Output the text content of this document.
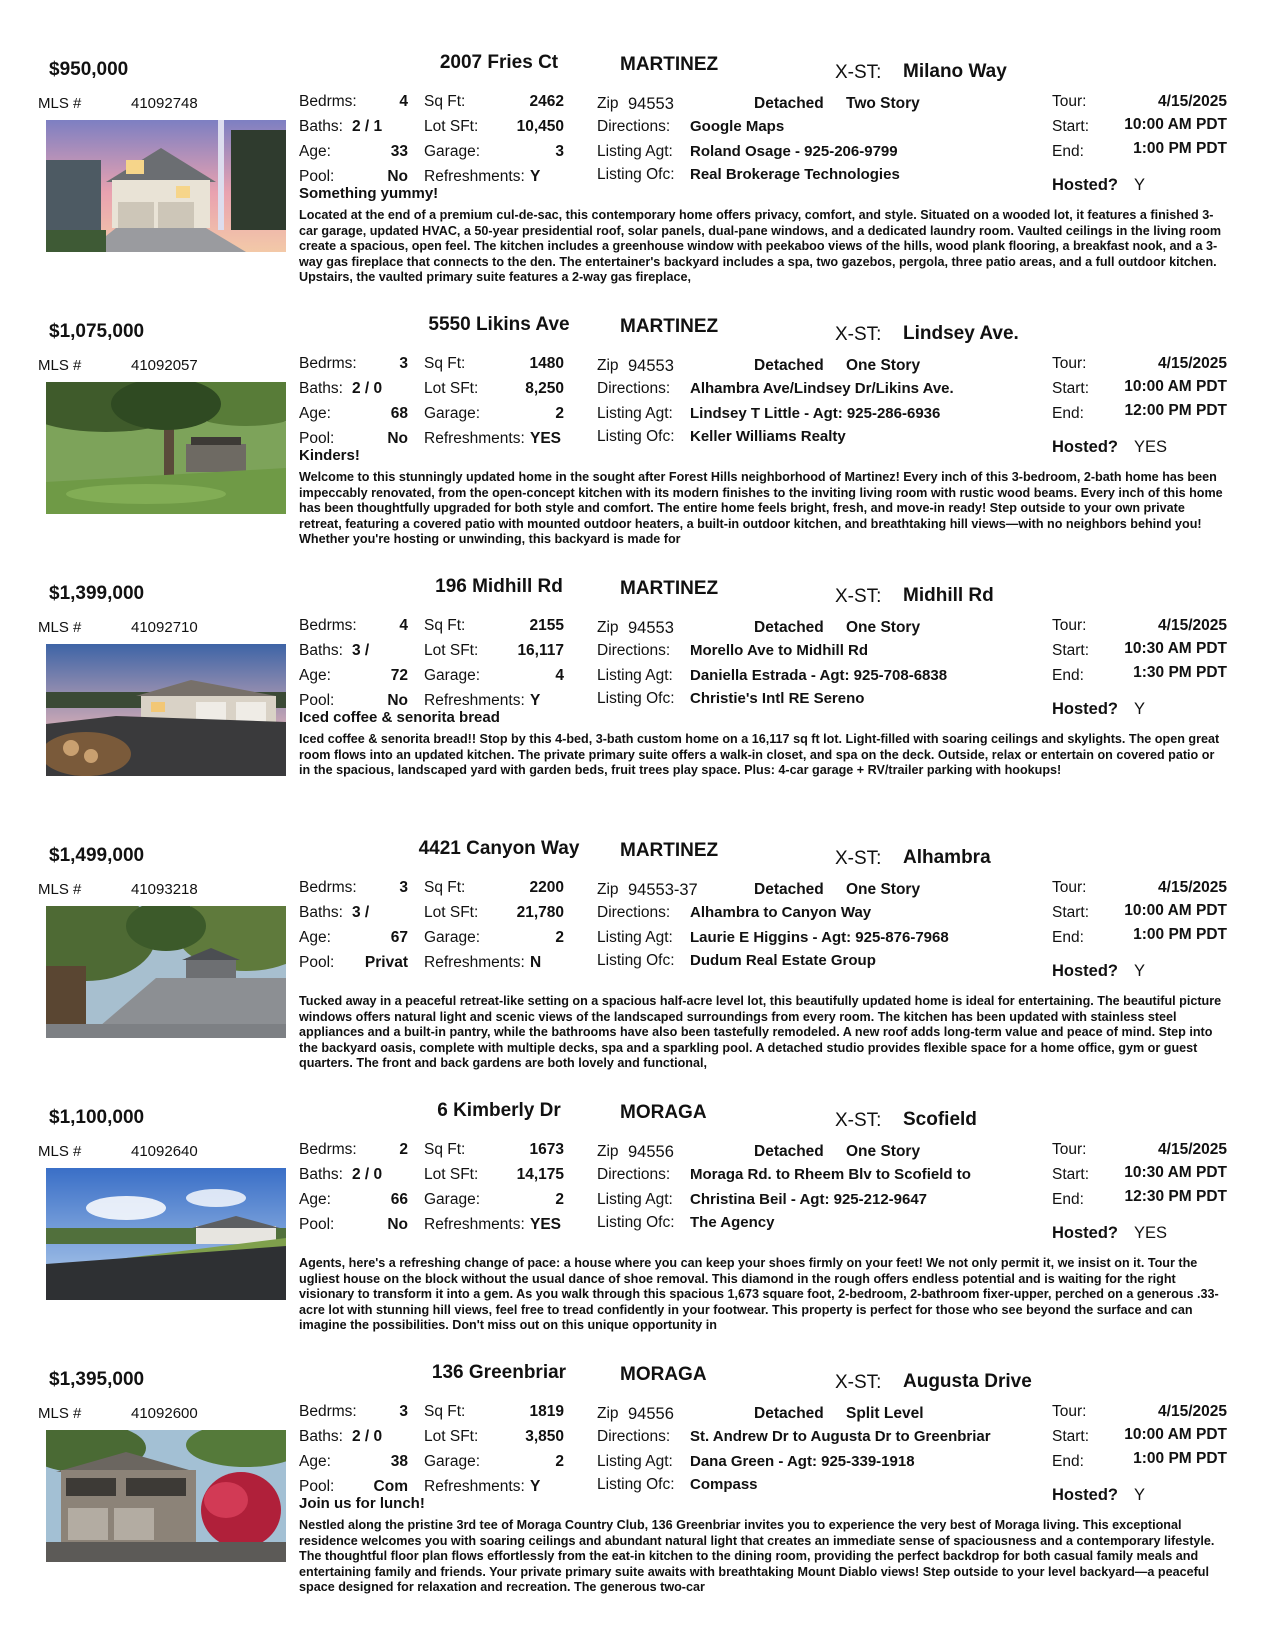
$950,000	2007 Fries Ct	MARTINEZ	X-ST: Milano Way
MLS #	41092748	Bedrms:	4
Baths: 2 / 1
Age:	33
Pool:	No
Sq Ft:	2462
Lot SFt:	10,450
Garage:	3
Refreshments: Y
Zip 94553	Detached Two Story
Directions: Google Maps
Listing Agt: Roland Osage - 925-206-9799
Listing Ofc: Real Brokerage Technologies
Tour:	4/15/2025
Start:	10:00 AM PDT
End:	1:00 PM PDT
Hosted? Y
Something yummy!
Located at the end of a premium cul-de-sac, this contemporary home offers privacy, comfort, and style. Situated on a wooded lot, it features a finished 3-car garage, updated HVAC, a 50-year presidential roof, solar panels, dual-pane windows, and a dedicated laundry room. Vaulted ceilings in the living room create a spacious, open feel. The kitchen includes a greenhouse window with peekaboo views of the hills, wood plank flooring, a breakfast nook, and a 3-way gas fireplace that connects to the den. The entertainer's backyard includes a spa, two gazebos, pergola, three patio areas, and a full outdoor kitchen. Upstairs, the vaulted primary suite features a 2-way gas fireplace,
$1,075,000	5550 Likins Ave	MARTINEZ	X-ST: Lindsey Ave.
MLS #	41092057	Bedrms:	3
Baths: 2 / 0
Age:	68
Pool:	No
Sq Ft:	1480
Lot SFt:	8,250
Garage:	2
Refreshments: YES
Zip 94553	Detached One Story
Directions: Alhambra Ave/Lindsey Dr/Likins Ave.
Listing Agt: Lindsey T Little - Agt: 925-286-6936
Listing Ofc: Keller Williams Realty
Tour:	4/15/2025
Start:	10:00 AM PDT
End:	12:00 PM PDT
Hosted? YES
Kinders!
Welcome to this stunningly updated home in the sought after Forest Hills neighborhood of Martinez! Every inch of this 3-bedroom, 2-bath home has been impeccably renovated, from the open-concept kitchen with its modern finishes to the inviting living room with rustic wood beams. Every inch of this home has been thoughtfully upgraded for both style and comfort. The entire home feels bright, fresh, and move-in ready! Step outside to your own private retreat, featuring a covered patio with mounted outdoor heaters, a built-in outdoor kitchen, and breathtaking hill views—with no neighbors behind you! Whether you're hosting or unwinding, this backyard is made for
$1,399,000	196 Midhill Rd	MARTINEZ	X-ST: Midhill Rd
MLS #	41092710	Bedrms:	4
Baths: 3 /
Age:	72
Pool:	No
Sq Ft:	2155
Lot SFt:	16,117
Garage:	4
Refreshments: Y
Zip 94553	Detached One Story
Directions: Morello Ave to Midhill Rd
Listing Agt: Daniella Estrada - Agt: 925-708-6838
Listing Ofc: Christie's Intl RE Sereno
Tour:	4/15/2025
Start:	10:30 AM PDT
End:	1:30 PM PDT
Hosted? Y
Iced coffee & senorita bread
Iced coffee & senorita bread!! Stop by this 4-bed, 3-bath custom home on a 16,117 sq ft lot. Light-filled with soaring ceilings and skylights. The open great room flows into an updated kitchen. The private primary suite offers a walk-in closet, and spa on the deck. Outside, relax or entertain on covered patio or in the spacious, landscaped yard with garden beds, fruit trees play space. Plus: 4-car garage + RV/trailer parking with hookups!
$1,499,000	4421 Canyon Way	MARTINEZ	X-ST: Alhambra
MLS #	41093218	Bedrms:	3
Baths: 3 /
Age:	67
Pool:	Privat
Sq Ft:	2200
Lot SFt:	21,780
Garage:	2
Refreshments: N
Zip 94553-37	Detached One Story
Directions: Alhambra to Canyon Way
Listing Agt: Laurie E Higgins - Agt: 925-876-7968
Listing Ofc: Dudum Real Estate Group
Tour:	4/15/2025
Start:	10:00 AM PDT
End:	1:00 PM PDT
Hosted? Y
Tucked away in a peaceful retreat-like setting on a spacious half-acre level lot, this beautifully updated home is ideal for entertaining. The beautiful picture windows offers natural light and scenic views of the landscaped surroundings from every room. The kitchen has been updated with stainless steel appliances and a built-in pantry, while the bathrooms have also been tastefully remodeled. A new roof adds long-term value and peace of mind. Step into the backyard oasis, complete with multiple decks, spa and a sparkling pool. A detached studio provides flexible space for a home office, gym or guest quarters. The front and back gardens are both lovely and functional,
$1,100,000	6 Kimberly Dr	MORAGA	X-ST: Scofield
MLS #	41092640	Bedrms:	2
Baths: 2 / 0
Age:	66
Pool:	No
Sq Ft:	1673
Lot SFt:	14,175
Garage:	2
Refreshments: YES
Zip 94556	Detached One Story
Directions: Moraga Rd. to Rheem Blv to Scofield to
Listing Agt: Christina Beil - Agt: 925-212-9647
Listing Ofc: The Agency
Tour:	4/15/2025
Start:	10:30 AM PDT
End:	12:30 PM PDT
Hosted? YES
Agents, here's a refreshing change of pace: a house where you can keep your shoes firmly on your feet! We not only permit it, we insist on it. Tour the ugliest house on the block without the usual dance of shoe removal. This diamond in the rough offers endless potential and is waiting for the right visionary to transform it into a gem. As you walk through this spacious 1,673 square foot, 2-bedroom, 2-bathroom fixer-upper, perched on a generous .33-acre lot with stunning hill views, feel free to tread confidently in your footwear. This property is perfect for those who see beyond the surface and can imagine the possibilities. Don't miss out on this unique opportunity in
$1,395,000	136 Greenbriar	MORAGA	X-ST: Augusta Drive
MLS #	41092600	Bedrms:	3
Baths: 2 / 0
Age:	38
Pool:	Com
Sq Ft:	1819
Lot SFt:	3,850
Garage:	2
Refreshments: Y
Zip 94556	Detached Split Level
Directions: St. Andrew Dr to Augusta Dr to Greenbriar
Listing Agt: Dana Green - Agt: 925-339-1918
Listing Ofc: Compass
Tour:	4/15/2025
Start:	10:00 AM PDT
End:	1:00 PM PDT
Hosted? Y
Join us for lunch!
Nestled along the pristine 3rd tee of Moraga Country Club, 136 Greenbriar invites you to experience the very best of Moraga living. This exceptional residence welcomes you with soaring ceilings and abundant natural light that creates an immediate sense of spaciousness and a contemporary lifestyle. The thoughtful floor plan flows effortlessly from the eat-in kitchen to the dining room, providing the perfect backdrop for both casual family meals and entertaining family and friends. Your private primary suite awaits with breathtaking Mount Diablo views! Step outside to your level backyard—a peaceful space designed for relaxation and recreation. The generous two-car
